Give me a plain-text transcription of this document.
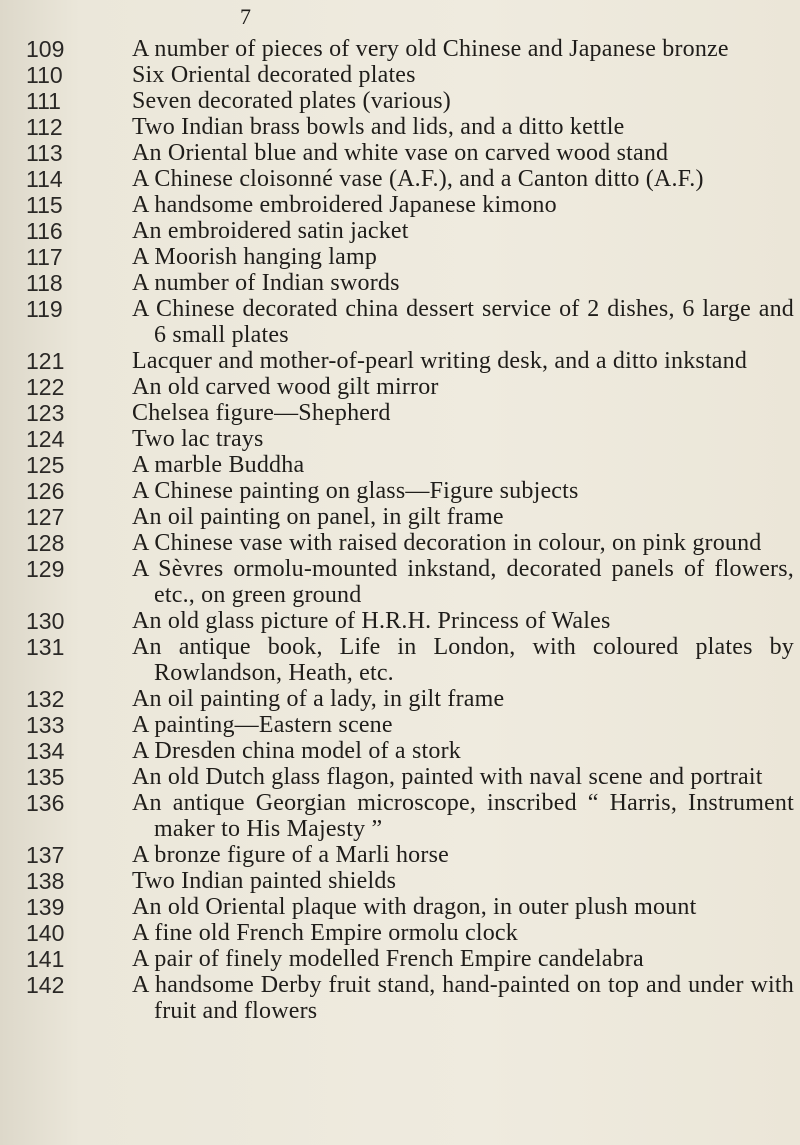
7
109	A number of pieces of very old Chinese and Japanese bronze
110	Six Oriental decorated plates
111	Seven decorated plates (various)
112	Two Indian brass bowls and lids, and a ditto kettle
113	An Oriental blue and white vase on carved wood stand
114	A Chinese cloisonné vase (A.F.), and a Canton ditto (A.F.)
115	A handsome embroidered Japanese kimono
116	An embroidered satin jacket
117	A Moorish hanging lamp
118	A number of Indian swords
119	A Chinese decorated china dessert service of 2 dishes, 6 large and 6 small plates
121	Lacquer and mother-of-pearl writing desk, and a ditto inkstand
122	An old carved wood gilt mirror
123	Chelsea figure—Shepherd
124	Two lac trays
125	A marble Buddha
126	A Chinese painting on glass—Figure subjects
127	An oil painting on panel, in gilt frame
128	A Chinese vase with raised decoration in colour, on pink ground
129	A Sèvres ormolu-mounted inkstand, decorated panels of flowers, etc., on green ground
130	An old glass picture of H.R.H. Princess of Wales
131	An antique book, Life in London, with coloured plates by Rowlandson, Heath, etc.
132	An oil painting of a lady, in gilt frame
133	A painting—Eastern scene
134	A Dresden china model of a stork
135	An old Dutch glass flagon, painted with naval scene and portrait
136	An antique Georgian microscope, inscribed “ Harris, Instrument maker to His Majesty ”
137	A bronze figure of a Marli horse
138	Two Indian painted shields
139	An old Oriental plaque with dragon, in outer plush mount
140	A fine old French Empire ormolu clock
141	A pair of finely modelled French Empire candelabra
142	A handsome Derby fruit stand, hand-painted on top and under with fruit and flowers
